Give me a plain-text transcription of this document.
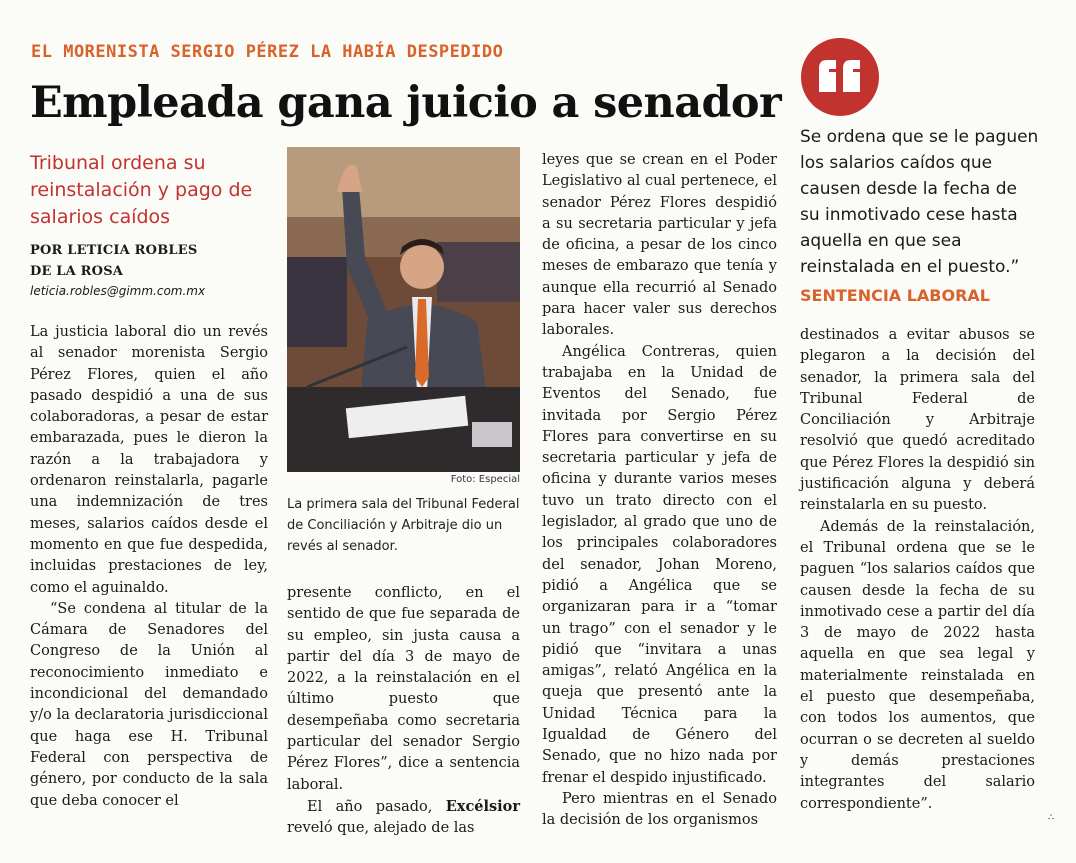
EL MORENISTA SERGIO PÉREZ LA HABÍA DESPEDIDO
Empleada gana juicio a senador
Tribunal ordena su reinstalación y pago de salarios caídos
POR LETICIA ROBLES
DE LA ROSA
leticia.robles@gimm.com.mx

La justicia laboral dio un revés al senador morenista Sergio Pérez Flores, quien el año pasado despidió a una de sus colaboradoras, a pesar de estar embarazada, pues le dieron la razón a la trabajadora y ordenaron reinstalarla, pagarle una indemnización de tres meses, salarios caídos desde el momento en que fue despedida, incluidas prestaciones de ley, como el aguinaldo.

“Se condena al titular de la Cámara de Senadores del Congreso de la Unión al reconocimiento inmediato e incondicional del demandado y/o la declaratoria jurisdiccional que haga ese H. Tribunal Federal con perspectiva de género, por conducto de la sala que deba conocer el

Foto: Especial
La primera sala del Tribunal Federal de Conciliación y Arbitraje dio un revés al senador.

presente conflicto, en el sentido de que fue separada de su empleo, sin justa causa a partir del día 3 de mayo de 2022, a la reinstalación en el último puesto que desempeñaba como secretaria particular del senador Sergio Pérez Flores”, dice a sentencia laboral.

El año pasado, Excélsior reveló que, alejado de las

leyes que se crean en el Poder Legislativo al cual pertenece, el senador Pérez Flores despidió a su secretaria particular y jefa de oficina, a pesar de los cinco meses de embarazo que tenía y aunque ella recurrió al Senado para hacer valer sus derechos laborales.

Angélica Contreras, quien trabajaba en la Unidad de Eventos del Senado, fue invitada por Sergio Pérez Flores para convertirse en su secretaria particular y jefa de oficina y durante varios meses tuvo un trato directo con el legislador, al grado que uno de los principales colaboradores del senador, Johan Moreno, pidió a Angélica que se organizaran para ir a “tomar un trago” con el senador y le pidió que “invitara a unas amigas”, relató Angélica en la queja que presentó ante la Unidad Técnica para la Igualdad de Género del Senado, que no hizo nada por frenar el despido injustificado.

Pero mientras en el Senado la decisión de los organismos

Se ordena que se le paguen los salarios caídos que causen desde la fecha de su inmotivado cese hasta aquella en que sea reinstalada en el puesto.”
SENTENCIA LABORAL

destinados a evitar abusos se plegaron a la decisión del senador, la primera sala del Tribunal Federal de Conciliación y Arbitraje resolvió que quedó acreditado que Pérez Flores la despidió sin justificación alguna y deberá reinstalarla en su puesto.

Además de la reinstalación, el Tribunal ordena que se le paguen “los salarios caídos que causen desde la fecha de su inmotivado cese a partir del día 3 de mayo de 2022 hasta aquella en que sea legal y materialmente reinstalada en el puesto que desempeñaba, con todos los aumentos, que ocurran o se decreten al sueldo y demás prestaciones integrantes del salario correspondiente”.

∴
